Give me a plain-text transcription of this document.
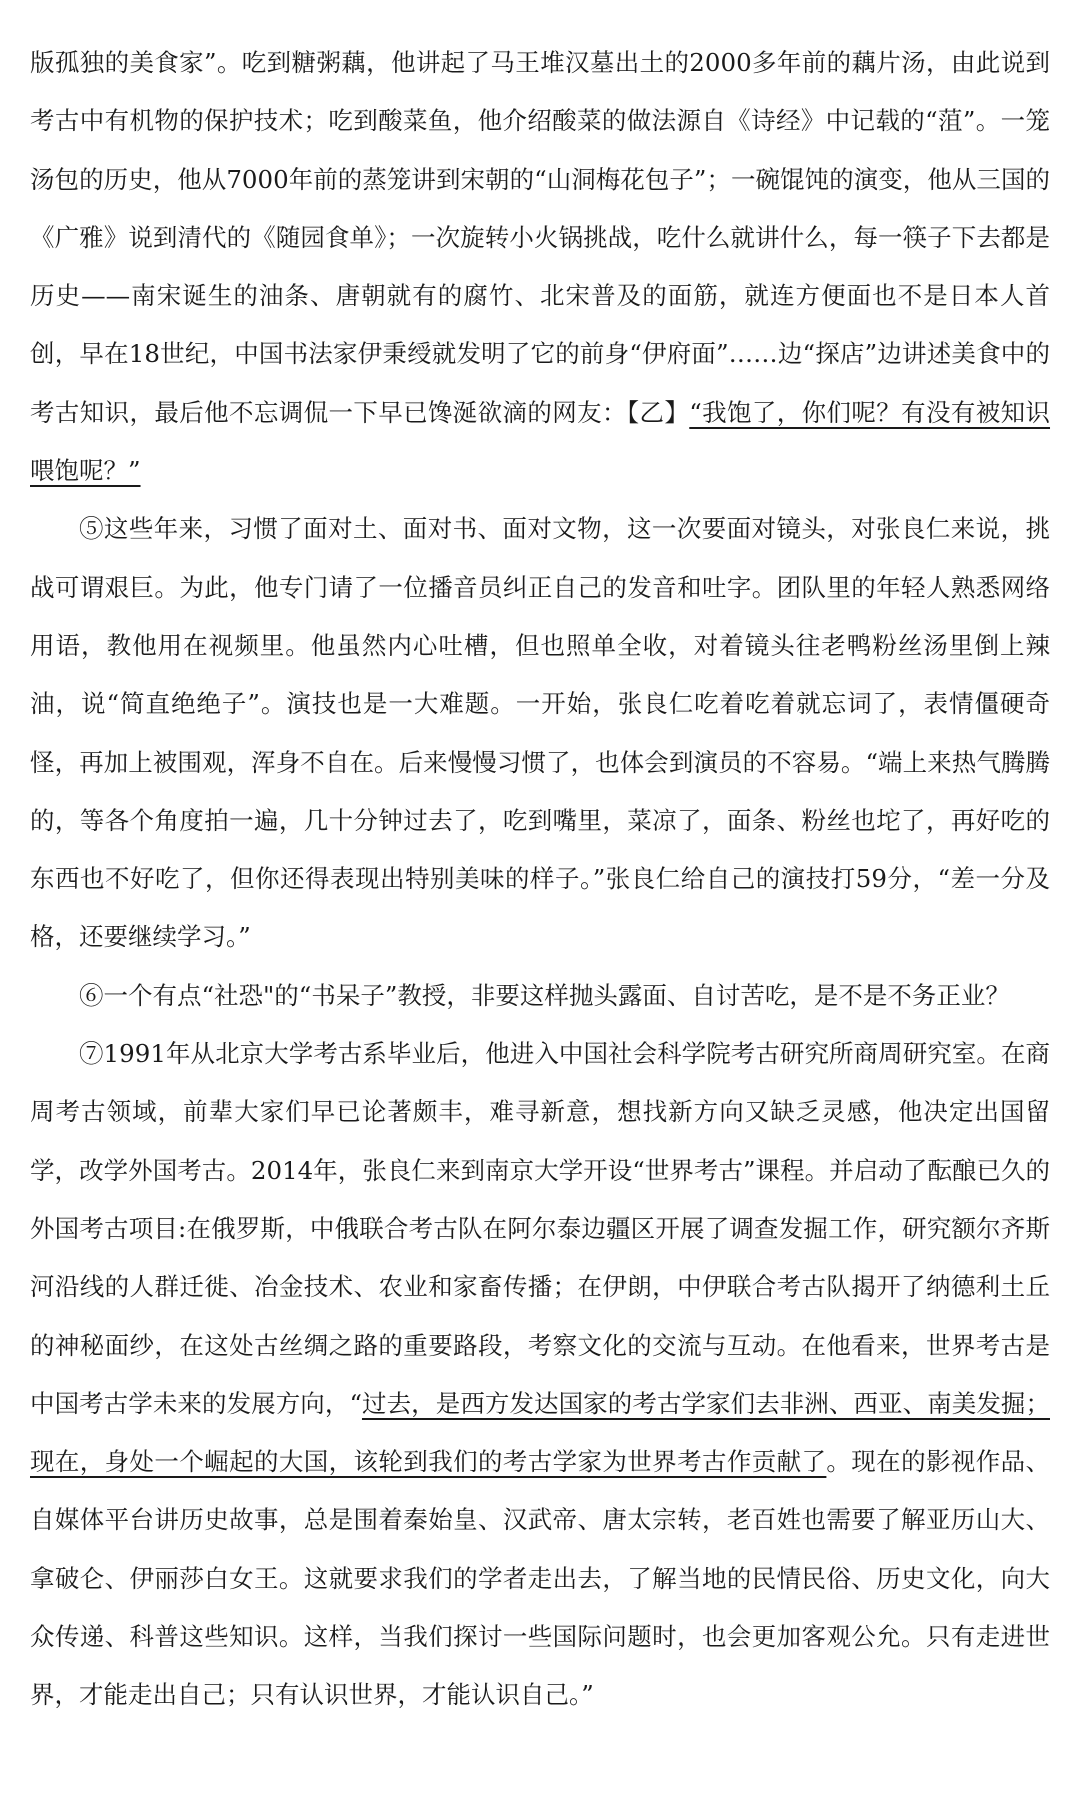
版孤独的美食家”。吃到糖粥藕，他讲起了马王堆汉墓出土的2000多年前的藕片汤，由此说到考古中有机物的保护技术；吃到酸菜鱼，他介绍酸菜的做法源自《诗经》中记载的“菹”。一笼汤包的历史，他从7000年前的蒸笼讲到宋朝的“山洞梅花包子”；一碗馄饨的演变，他从三国的《广雅》说到清代的《随园食单》；一次旋转小火锅挑战，吃什么就讲什么，每一筷子下去都是历史——南宋诞生的油条、唐朝就有的腐竹、北宋普及的面筋，就连方便面也不是日本人首创，早在18世纪，中国书法家伊秉绶就发明了它的前身“伊府面”……边“探店”边讲述美食中的考古知识，最后他不忘调侃一下早已馋涎欲滴的网友：【乙】“我饱了，你们呢？有没有被知识喂饱呢？”

⑤这些年来，习惯了面对土、面对书、面对文物，这一次要面对镜头，对张良仁来说，挑战可谓艰巨。为此，他专门请了一位播音员纠正自己的发音和吐字。团队里的年轻人熟悉网络用语，教他用在视频里。他虽然内心吐槽，但也照单全收，对着镜头往老鸭粉丝汤里倒上辣油，说“简直绝绝子”。演技也是一大难题。一开始，张良仁吃着吃着就忘词了，表情僵硬奇怪，再加上被围观，浑身不自在。后来慢慢习惯了，也体会到演员的不容易。“端上来热气腾腾的，等各个角度拍一遍，几十分钟过去了，吃到嘴里，菜凉了，面条、粉丝也坨了，再好吃的东西也不好吃了，但你还得表现出特别美味的样子。”张良仁给自己的演技打59分，“差一分及格，还要继续学习。”

⑥一个有点“社恐"的“书呆子”教授，非要这样抛头露面、自讨苦吃，是不是不务正业？

⑦1991年从北京大学考古系毕业后，他进入中国社会科学院考古研究所商周研究室。在商周考古领域，前辈大家们早已论著颇丰，难寻新意，想找新方向又缺乏灵感，他决定出国留学，改学外国考古。2014年，张良仁来到南京大学开设“世界考古”课程。并启动了酝酿已久的外国考古项目:在俄罗斯，中俄联合考古队在阿尔泰边疆区开展了调查发掘工作，研究额尔齐斯河沿线的人群迁徙、冶金技术、农业和家畜传播；在伊朗，中伊联合考古队揭开了纳德利土丘的神秘面纱，在这处古丝绸之路的重要路段，考察文化的交流与互动。在他看来，世界考古是中国考古学未来的发展方向，“过去，是西方发达国家的考古学家们去非洲、西亚、南美发掘；现在，身处一个崛起的大国，该轮到我们的考古学家为世界考古作贡献了。现在的影视作品、自媒体平台讲历史故事，总是围着秦始皇、汉武帝、唐太宗转，老百姓也需要了解亚历山大、拿破仑、伊丽莎白女王。这就要求我们的学者走出去，了解当地的民情民俗、历史文化，向大众传递、科普这些知识。这样，当我们探讨一些国际问题时，也会更加客观公允。只有走进世界，才能走出自己；只有认识世界，才能认识自己。”
